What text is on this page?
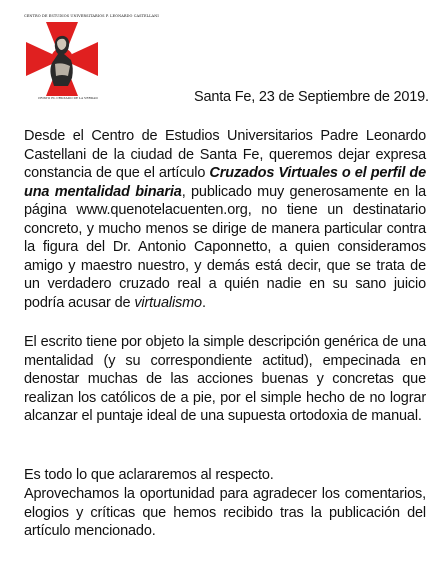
CENTRO DE ESTUDIOS UNIVERSITARIOS P. LEONARDO CASTELLANI
CRISTO EL CRUZADO DE LA VERDAD	Santa Fe, 23 de Septiembre de 2019.

Desde el Centro de Estudios Universitarios Padre Leonardo Castellani de la ciudad de Santa Fe, queremos dejar expresa constancia de que el artículo Cruzados Virtuales o el perfil de una mentalidad binaria, publicado muy generosamente en la página www.quenotelacuenten.org, no tiene un destinatario concreto, y mucho menos se dirige de manera particular contra la figura del Dr. Antonio Caponnetto, a quien consideramos amigo y maestro nuestro, y demás está decir, que se trata de un verdadero cruzado real a quién nadie en su sano juicio podría acusar de virtualismo.

El escrito tiene por objeto la simple descripción genérica de una mentalidad (y su correspondiente actitud), empecinada en denostar muchas de las acciones buenas y concretas que realizan los católicos de a pie, por el simple hecho de no lograr alcanzar el puntaje ideal de una supuesta ortodoxia de manual.

Es todo lo que aclararemos al respecto.

Aprovechamos la oportunidad para agradecer los comentarios, elogios y críticas que hemos recibido tras la publicación del artículo mencionado.
